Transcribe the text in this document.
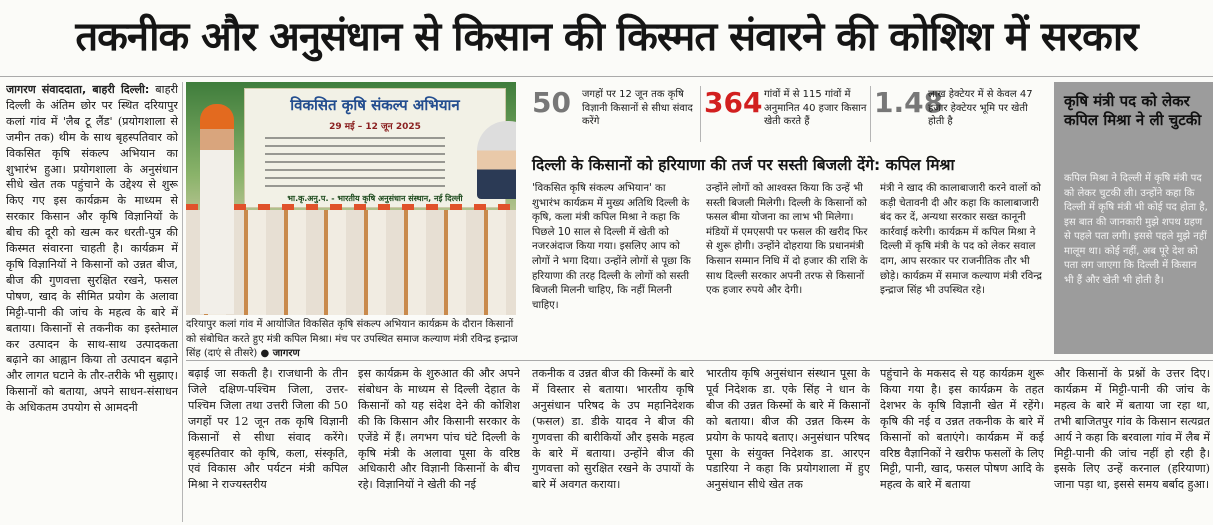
तकनीक और अनुसंधान से किसान की किस्मत संवारने की कोशिश में सरकार

जागरण संवाददाता, बाहरी दिल्ली: बाहरी दिल्ली के अंतिम छोर पर स्थित दरियापुर कलां गांव में 'लैब टू लैंड' (प्रयोगशाला से जमीन तक) थीम के साथ बृहस्पतिवार को विकसित कृषि संकल्प अभियान का शुभारंभ हुआ। प्रयोगशाला के अनुसंधान सीधे खेत तक पहुंचाने के उद्देश्य से शुरू किए गए इस कार्यक्रम के माध्यम से सरकार किसान और कृषि विज्ञानियों के बीच की दूरी को खत्म कर धरती-पुत्र की किस्मत संवारना चाहती है। कार्यक्रम में कृषि विज्ञानियों ने किसानों को उन्नत बीज, बीज की गुणवत्ता सुरक्षित रखने, फसल पोषण, खाद के सीमित प्रयोग के अलावा मिट्टी-पानी की जांच के महत्व के बारे में बताया। किसानों से तकनीक का इस्तेमाल कर उत्पादन के साथ-साथ उत्पादकता बढ़ाने का आह्वान किया तो उत्पादन बढ़ाने और लागत घटाने के तौर-तरीके भी सुझाए। किसानों को बताया, अपने साधन-संसाधन के अधिकतम उपयोग से आमदनी

विकसित कृषि संकल्प अभियान
29 मई – 12 जून 2025
भा.कृ.अनु.प. - भारतीय कृषि अनुसंधान संस्थान, नई दिल्ली
दरियापुर कलां गांव में आयोजित विकसित कृषि संकल्प अभियान कार्यक्रम के दौरान किसानों को संबोधित करते हुए मंत्री कपिल मिश्रा। मंच पर उपस्थित समाज कल्याण मंत्री रविन्द्र इन्द्राज सिंह (दाएं से तीसरे) ● जागरण
50 जगहों पर 12 जून तक कृषि विज्ञानी किसानों से सीधा संवाद करेंगे
364 गांवों में से 115 गांवों में अनुमानित 40 हजार किसान खेती करते हैं
1.48
लाख हेक्टेयर में से केवल 47 हजार हेक्टेयर भूमि पर खेती होती है
दिल्ली के किसानों को हरियाणा की तर्ज पर सस्ती बिजली देंगे: कपिल मिश्रा
'विकसित कृषि संकल्प अभियान' का शुभारंभ कार्यक्रम में मुख्य अतिथि दिल्ली के कृषि, कला मंत्री कपिल मिश्रा ने कहा कि पिछले 10 साल से दिल्ली में खेती को नजरअंदाज किया गया। इसलिए आप को लोगों ने भगा दिया। उन्होंने लोगों से पूछा कि हरियाणा की तरह दिल्ली के लोगों को सस्ती बिजली मिलनी चाहिए, कि नहीं मिलनी चाहिए।
उन्होंने लोगों को आश्वस्त किया कि उन्हें भी सस्ती बिजली मिलेगी। दिल्ली के किसानों को फसल बीमा योजना का लाभ भी मिलेगा। मंडियों में एमएसपी पर फसल की खरीद फिर से शुरू होगी। उन्होंने दोहराया कि प्रधानमंत्री किसान सम्मान निधि में दो हजार की राशि के साथ दिल्ली सरकार अपनी तरफ से किसानों एक हजार रुपये और देगी।
मंत्री ने खाद की कालाबाजारी करने वालों को कड़ी चेतावनी दी और कहा कि कालाबाजारी बंद कर दें, अन्यथा सरकार सख्त कानूनी कार्रवाई करेगी। कार्यक्रम में कपिल मिश्रा ने दिल्ली में कृषि मंत्री के पद को लेकर सवाल दाग, आप सरकार पर राजनीतिक तौर भी छोड़े। कार्यक्रम में समाज कल्याण मंत्री रविन्द्र इन्द्राज सिंह भी उपस्थित रहे।
कृषि मंत्री पद को लेकर कपिल मिश्रा ने ली चुटकी
कपिल मिश्रा ने दिल्ली में कृषि मंत्री पद को लेकर चुटकी ली। उन्होंने कहा कि दिल्ली में कृषि मंत्री भी कोई पद होता है, इस बात की जानकारी मुझे शपथ ग्रहण से पहले पता लगी। इससे पहले मुझे नहीं मालूम था। कोई नहीं, अब पूरे देश को पता लग जाएगा कि दिल्ली में किसान भी हैं और खेती भी होती है।
बढ़ाई जा सकती है। राजधानी के तीन जिले दक्षिण-पश्चिम जिला, उत्तर-पश्चिम जिला तथा उत्तरी जिला की 50 जगहों पर 12 जून तक कृषि विज्ञानी किसानों से सीधा संवाद करेंगे। बृहस्पतिवार को कृषि, कला, संस्कृति, एवं विकास और पर्यटन मंत्री कपिल मिश्रा ने राज्यस्तरीय
इस कार्यक्रम के शुरुआत की और अपने संबोधन के माध्यम से दिल्ली देहात के किसानों को यह संदेश देने की कोशिश की कि किसान और किसानी सरकार के एजेंडे में हैं। लगभग पांच घंटे दिल्ली के कृषि मंत्री के अलावा पूसा के वरिष्ठ अधिकारी और विज्ञानी किसानों के बीच रहे। विज्ञानियों ने खेती की नई
तकनीक व उन्नत बीज की किस्मों के बारे में विस्तार से बताया। भारतीय कृषि अनुसंधान परिषद के उप महानिदेशक (फसल) डा. डीके यादव ने बीज की गुणवत्ता की बारीकियों और इसके महत्व के बारे में बताया। उन्होंने बीज की गुणवत्ता को सुरक्षित रखने के उपायों के बारे में अवगत कराया।
भारतीय कृषि अनुसंधान संस्थान पूसा के पूर्व निदेशक डा. एके सिंह ने धान के बीज की उन्नत किस्मों के बारे में किसानों को बताया। बीज की उन्नत किस्म के प्रयोग के फायदे बताए। अनुसंधान परिषद पूसा के संयुक्त निदेशक डा. आरएन पडारिया ने कहा कि प्रयोगशाला में हुए अनुसंधान सीधे खेत तक
पहुंचाने के मकसद से यह कार्यक्रम शुरू किया गया है। इस कार्यक्रम के तहत देशभर के कृषि विज्ञानी खेत में रहेंगे। कृषि की नई व उन्नत तकनीक के बारे में किसानों को बताएंगे। कार्यक्रम में कई वरिष्ठ वैज्ञानिकों ने खरीफ फसलों के लिए मिट्टी, पानी, खाद, फसल पोषण आदि के महत्व के बारे में बताया
और किसानों के प्रश्नों के उत्तर दिए। कार्यक्रम में मिट्टी-पानी की जांच के महत्व के बारे में बताया जा रहा था, तभी बाजितपुर गांव के किसान सत्यव्रत आर्य ने कहा कि बरवाला गांव में लैब में मिट्टी-पानी की जांच नहीं हो रही है। इसके लिए उन्हें करनाल (हरियाणा) जाना पड़ा था, इससे समय बर्बाद हुआ।
